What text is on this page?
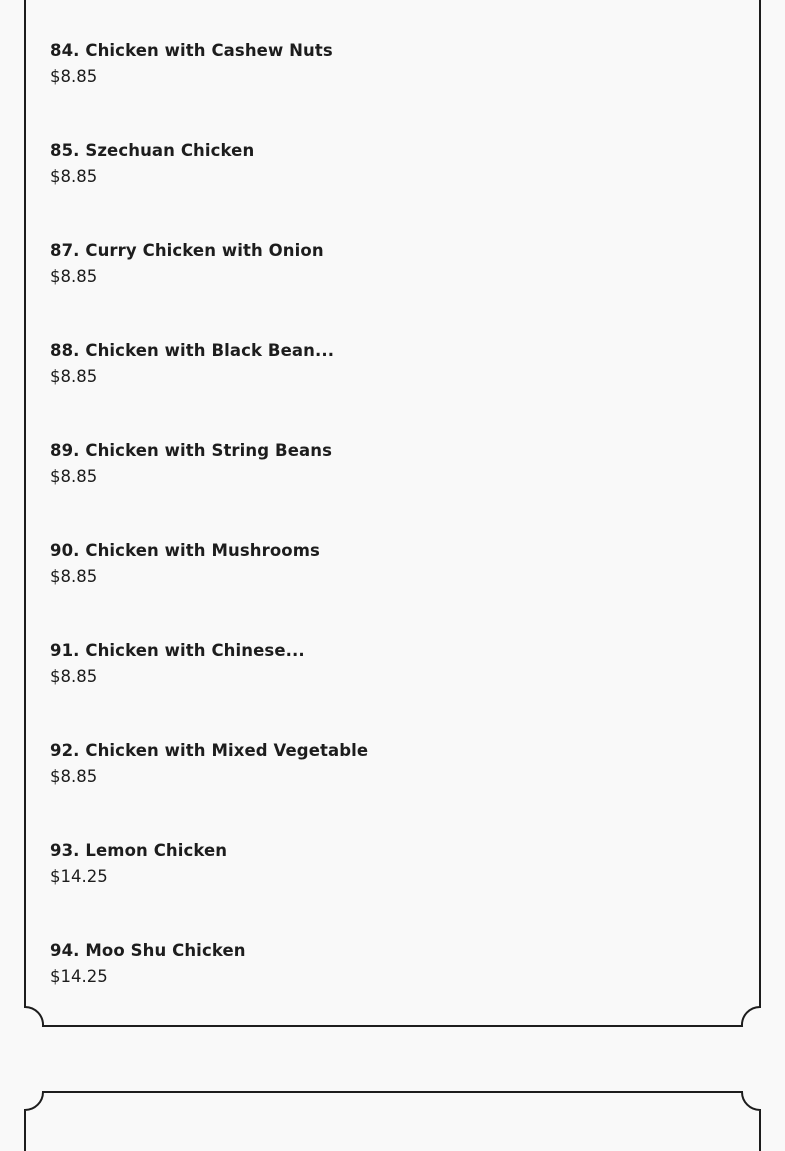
84. Chicken with Cashew Nuts
$8.85
85. Szechuan Chicken
$8.85
87. Curry Chicken with Onion
$8.85
88. Chicken with Black Bean...
$8.85
89. Chicken with String Beans
$8.85
90. Chicken with Mushrooms
$8.85
91. Chicken with Chinese...
$8.85
92. Chicken with Mixed Vegetable
$8.85
93. Lemon Chicken
$14.25
94. Moo Shu Chicken
$14.25
